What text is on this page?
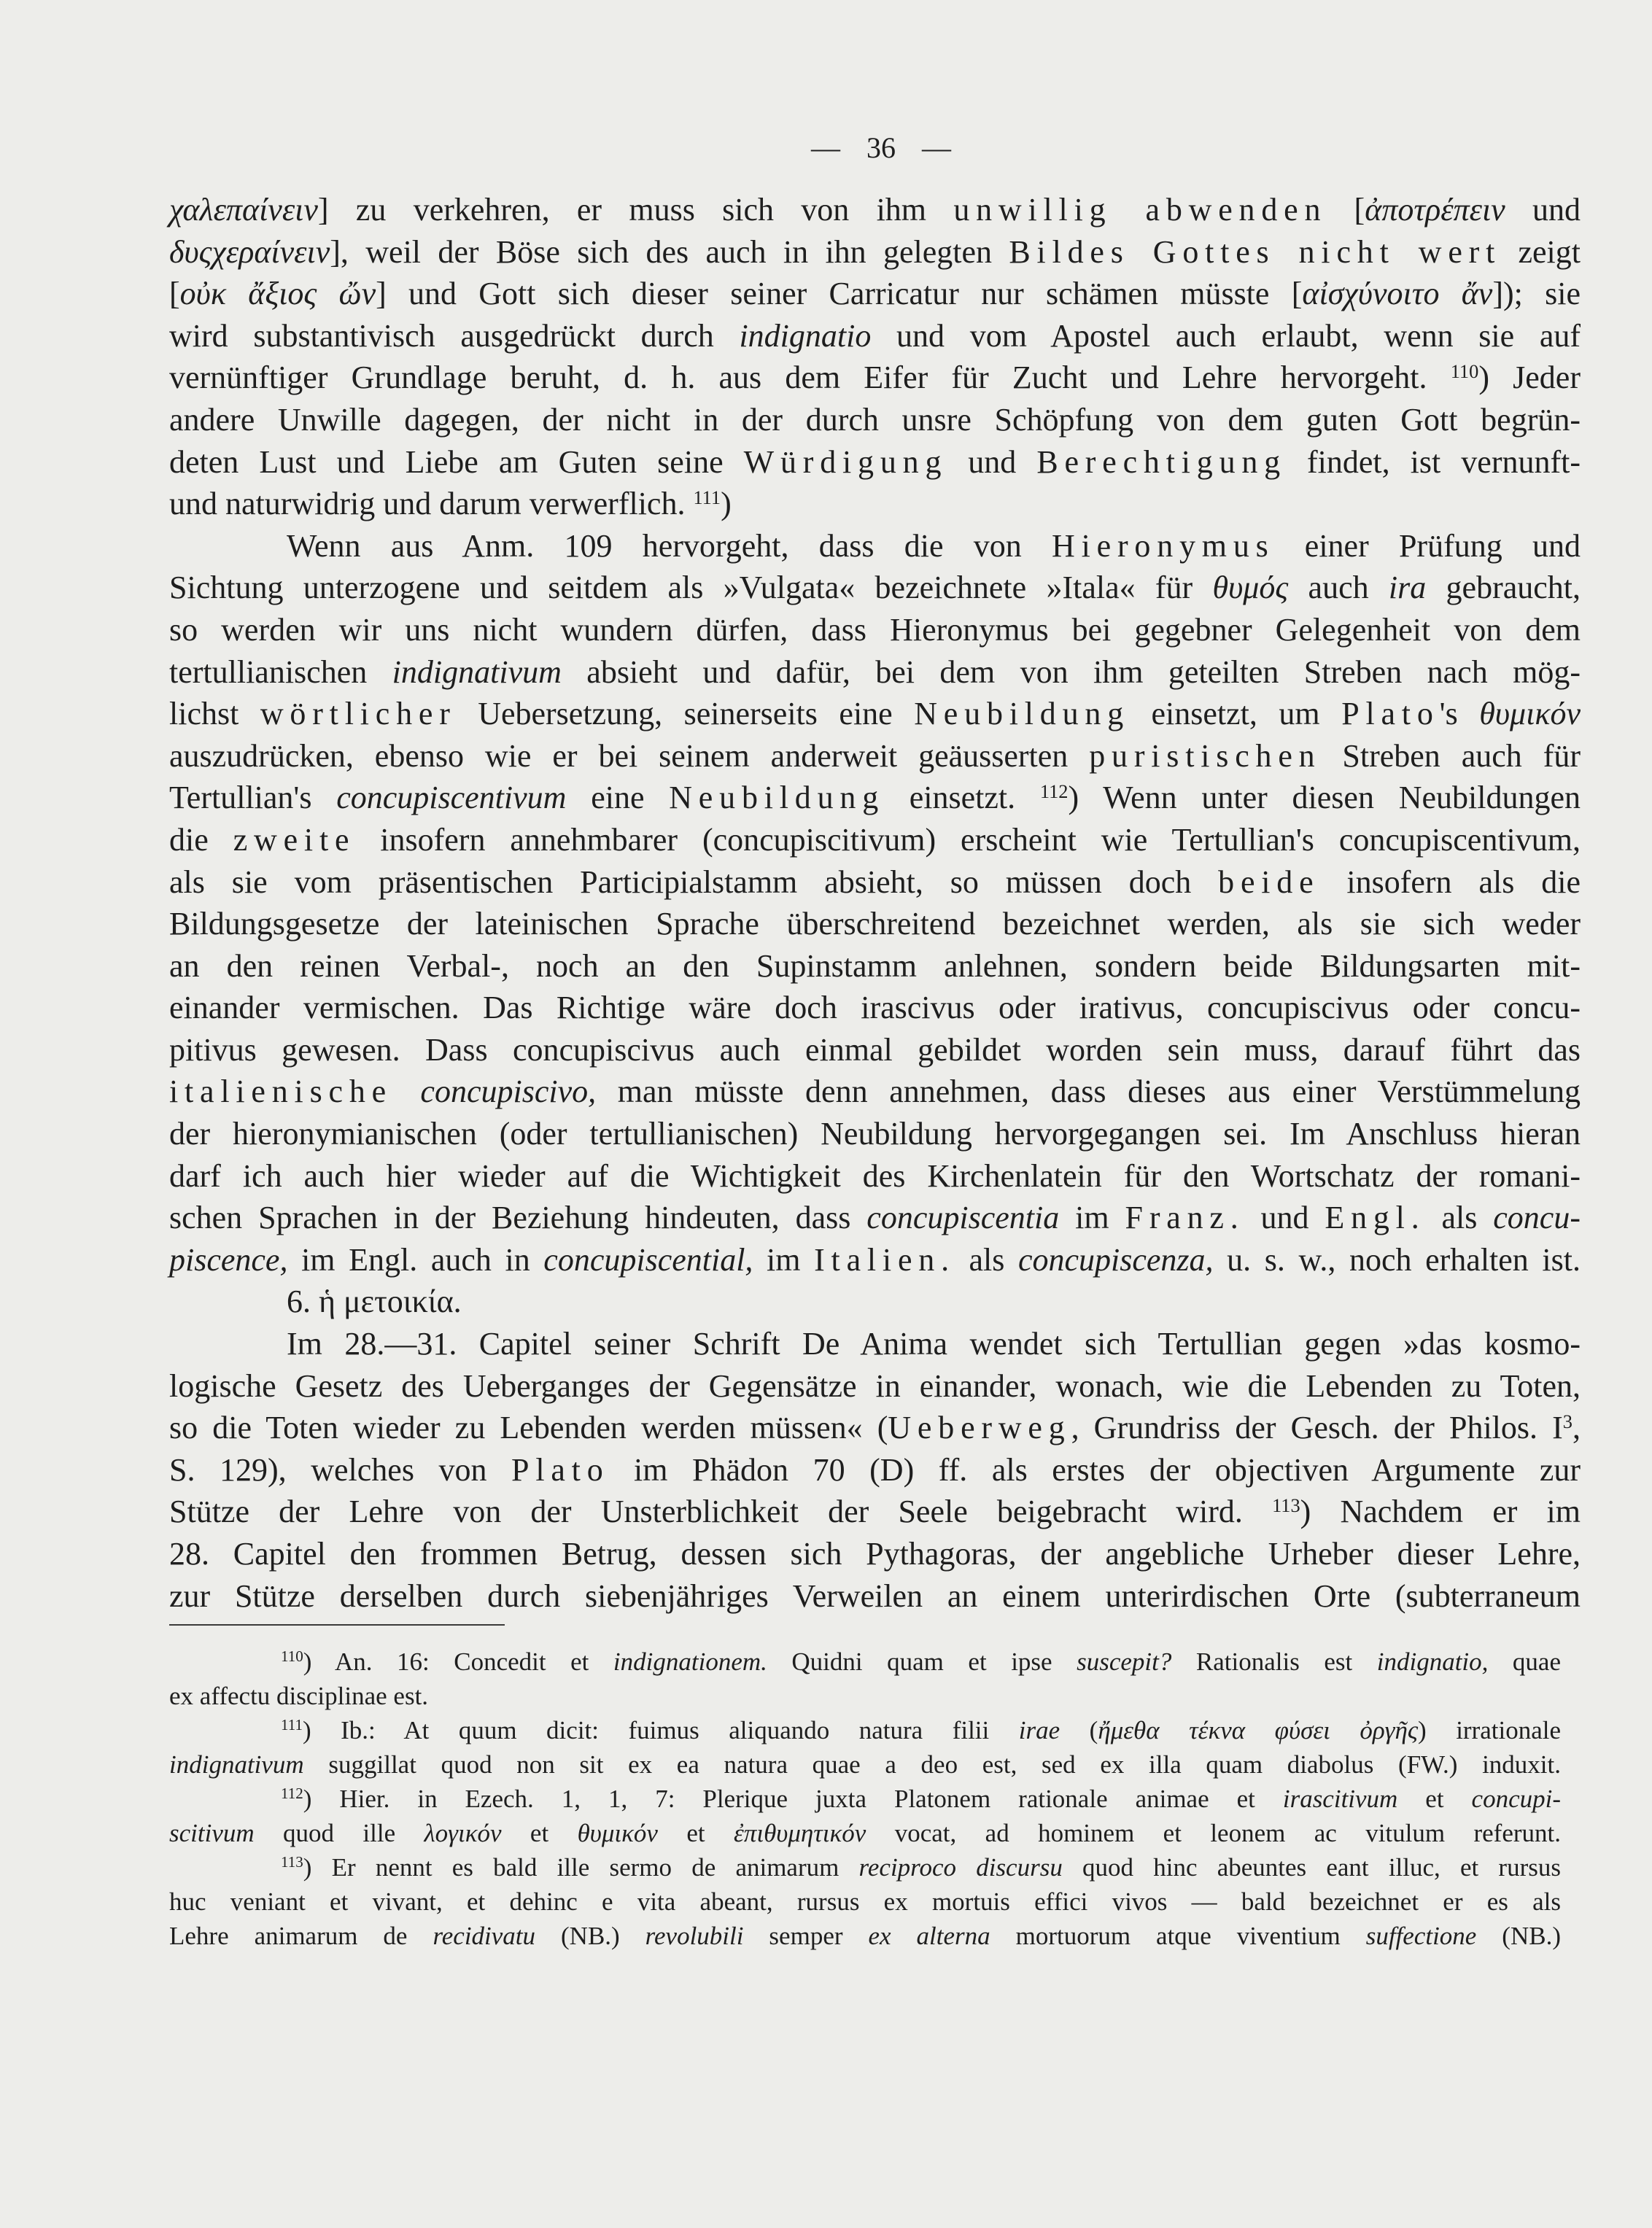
— 36 —
χαλεπαίνειν] zu verkehren, er muss sich von ihm unwillig abwenden [ἀποτρέπειν und
δυςχεραίνειν], weil der Böse sich des auch in ihn gelegten Bildes Gottes nicht wert zeigt
[οὐκ ἄξιος ὤν] und Gott sich dieser seiner Carricatur nur schämen müsste [αἰσχύνοιτο ἄν]); sie
wird substantivisch ausgedrückt durch indignatio und vom Apostel auch erlaubt, wenn sie auf
vernünftiger Grundlage beruht, d. h. aus dem Eifer für Zucht und Lehre hervorgeht. $^{110}$) Jeder
andere Unwille dagegen, der nicht in der durch unsre Schöpfung von dem guten Gott begrün-
deten Lust und Liebe am Guten seine Würdigung und Berechtigung findet, ist vernunft-
und naturwidrig und darum verwerflich. $^{111}$)
Wenn aus Anm. 109 hervorgeht, dass die von Hieronymus einer Prüfung und
Sichtung unterzogene und seitdem als »Vulgata« bezeichnete »Itala« für θυμός auch ira gebraucht,
so werden wir uns nicht wundern dürfen, dass Hieronymus bei gegebner Gelegenheit von dem
tertullianischen indignativum absieht und dafür, bei dem von ihm geteilten Streben nach mög-
lichst wörtlicher Uebersetzung, seinerseits eine Neubildung einsetzt, um Plato's θυμικόν
auszudrücken, ebenso wie er bei seinem anderweit geäusserten puristischen Streben auch für
Tertullian's concupiscentivum eine Neubildung einsetzt. $^{112}$) Wenn unter diesen Neubildungen
die zweite insofern annehmbarer (concupiscitivum) erscheint wie Tertullian's concupiscentivum,
als sie vom präsentischen Participialstamm absieht, so müssen doch beide insofern als die
Bildungsgesetze der lateinischen Sprache überschreitend bezeichnet werden, als sie sich weder
an den reinen Verbal-, noch an den Supinstamm anlehnen, sondern beide Bildungsarten mit-
einander vermischen. Das Richtige wäre doch irascivus oder irativus, concupiscivus oder concu-
pitivus gewesen. Dass concupiscivus auch einmal gebildet worden sein muss, darauf führt das
italienische concupiscivo, man müsste denn annehmen, dass dieses aus einer Verstümmelung
der hieronymianischen (oder tertullianischen) Neubildung hervorgegangen sei. Im Anschluss hieran
darf ich auch hier wieder auf die Wichtigkeit des Kirchenlatein für den Wortschatz der romani-
schen Sprachen in der Beziehung hindeuten, dass concupiscentia im Franz. und Engl. als concu-
piscence, im Engl. auch in concupiscential, im Italien. als concupiscenza, u. s. w., noch erhalten ist.
6. ἡ μετοικία.
Im 28.—31. Capitel seiner Schrift De Anima wendet sich Tertullian gegen »das kosmo-
logische Gesetz des Ueberganges der Gegensätze in einander, wonach, wie die Lebenden zu Toten,
so die Toten wieder zu Lebenden werden müssen« (Ueberweg, Grundriss der Gesch. der Philos. $I^3$,
S. 129), welches von Plato im Phädon 70 (D) ff. als erstes der objectiven Argumente zur
Stütze der Lehre von der Unsterblichkeit der Seele beigebracht wird. $^{113}$) Nachdem er im
28. Capitel den frommen Betrug, dessen sich Pythagoras, der angebliche Urheber dieser Lehre,
zur Stütze derselben durch siebenjähriges Verweilen an einem unterirdischen Orte (subterraneum
$^{110}$) An. 16: Concedit et indignationem. Quidni quam et ipse suscepit? Rationalis est indignatio, quae
ex affectu disciplinae est.
$^{111}$) Ib.: At quum dicit: fuimus aliquando natura filii irae (ἤμεθα τέκνα φύσει ὀργῆς) irrationale
indignativum suggillat quod non sit ex ea natura quae a deo est, sed ex illa quam diabolus (FW.) induxit.
$^{112}$) Hier. in Ezech. 1, 1, 7: Plerique juxta Platonem rationale animae et irascitivum et concupi-
scitivum quod ille λογικόν et θυμικόν et ἐπιθυμητικόν vocat, ad hominem et leonem ac vitulum referunt.
$^{113}$) Er nennt es bald ille sermo de animarum reciproco discursu quod hinc abeuntes eant illuc, et rursus
huc veniant et vivant, et dehinc e vita abeant, rursus ex mortuis effici vivos — bald bezeichnet er es als
Lehre animarum de recidivatu (NB.) revolubili semper ex alterna mortuorum atque viventium suffectione (NB.)
